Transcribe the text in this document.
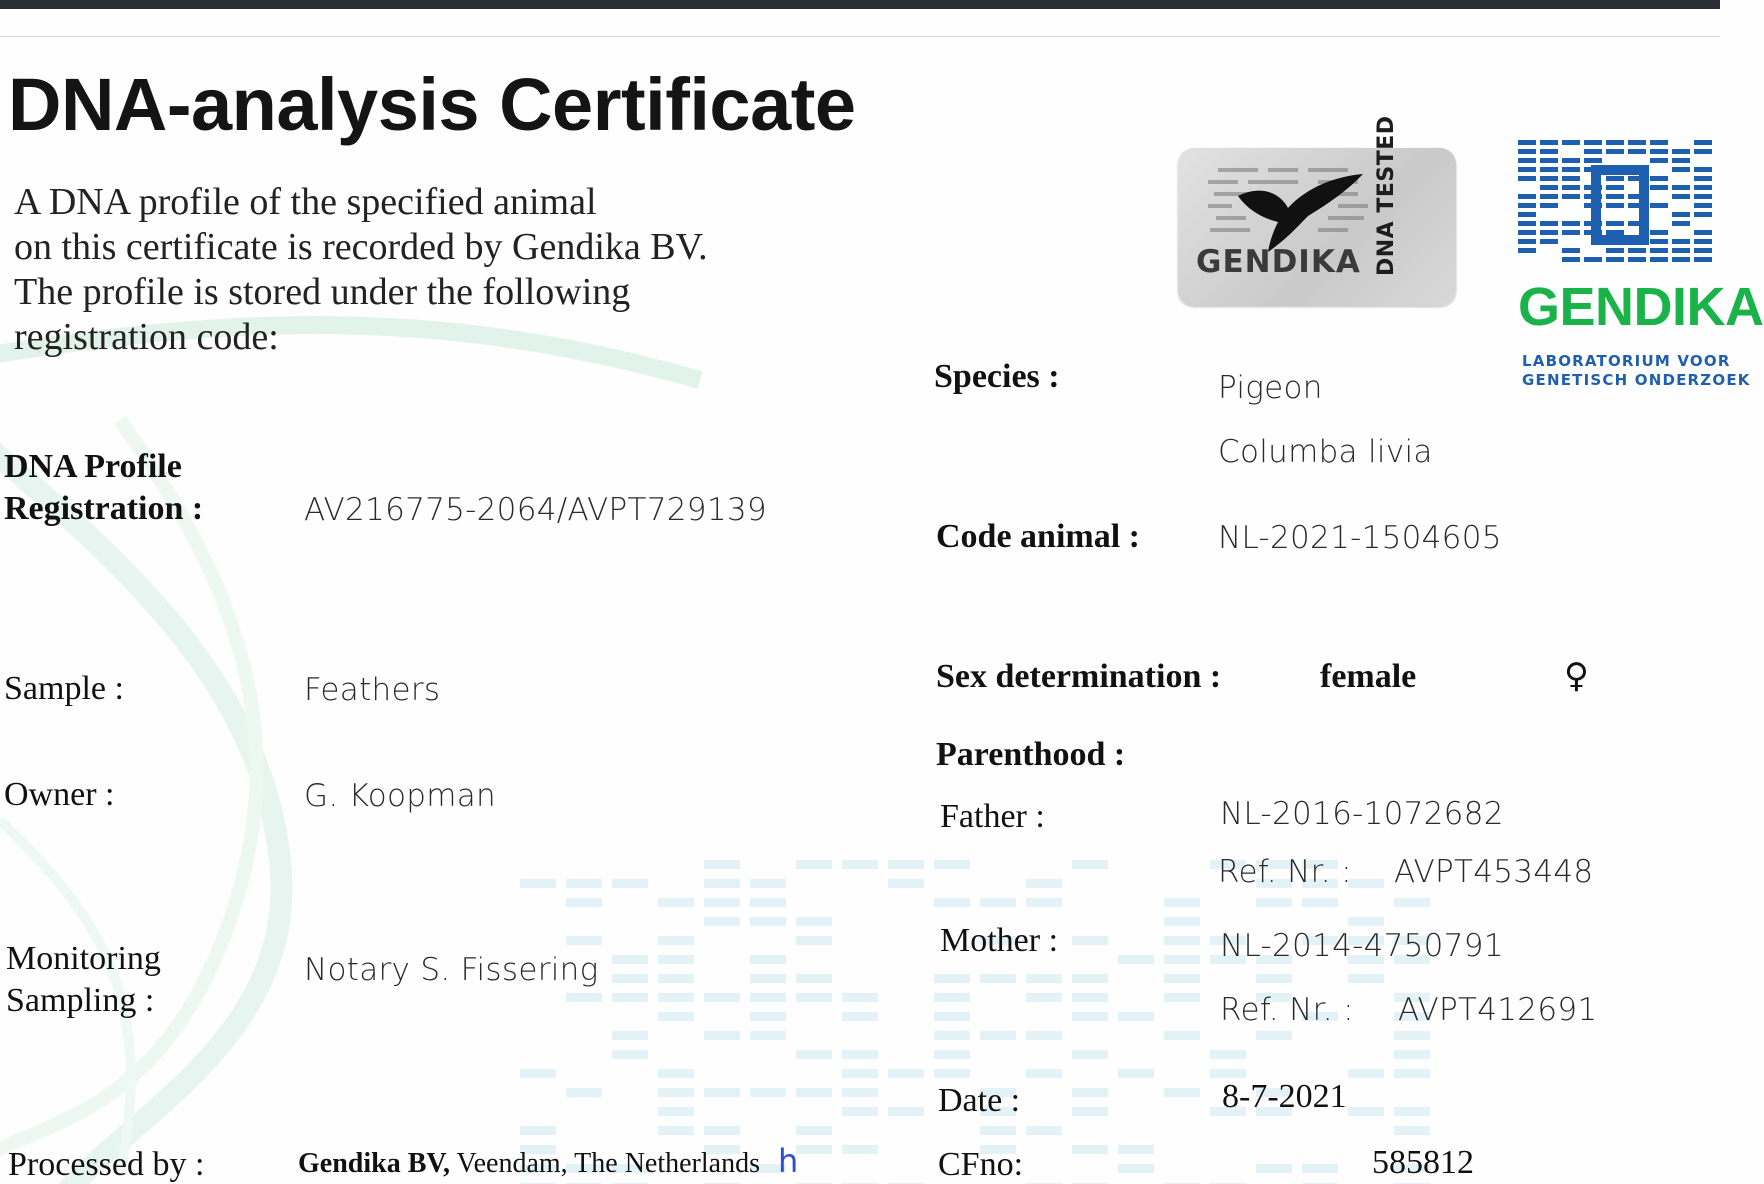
DNA-analysis Certificate
A DNA profile of the specified animal
on this certificate is recorded by Gendika BV.
The profile is stored under the following
registration code:
DNA Profile
Registration :	AV216775-2064/AVPT729139
Sample :	Feathers
Owner :	G. Koopman
Monitoring
Sampling :
Notary S. Fissering
Processed by :	Gendika BV, Veendam, The Netherlands h
Species :	Pigeon
Columba livia
Code animal :	NL-2021-1504605
Sex determination :	female	♀
Parenthood :
Father :	NL-2016-1072682
Ref. Nr. : AVPT453448
Mother :	NL-2014-4750791
Ref. Nr. : AVPT412691
Date :	8-7-2021
CFno:	585812
GENDIKA DNA TESTED
GENDIKA
LABORATORIUM VOOR
GENETISCH ONDERZOEK
